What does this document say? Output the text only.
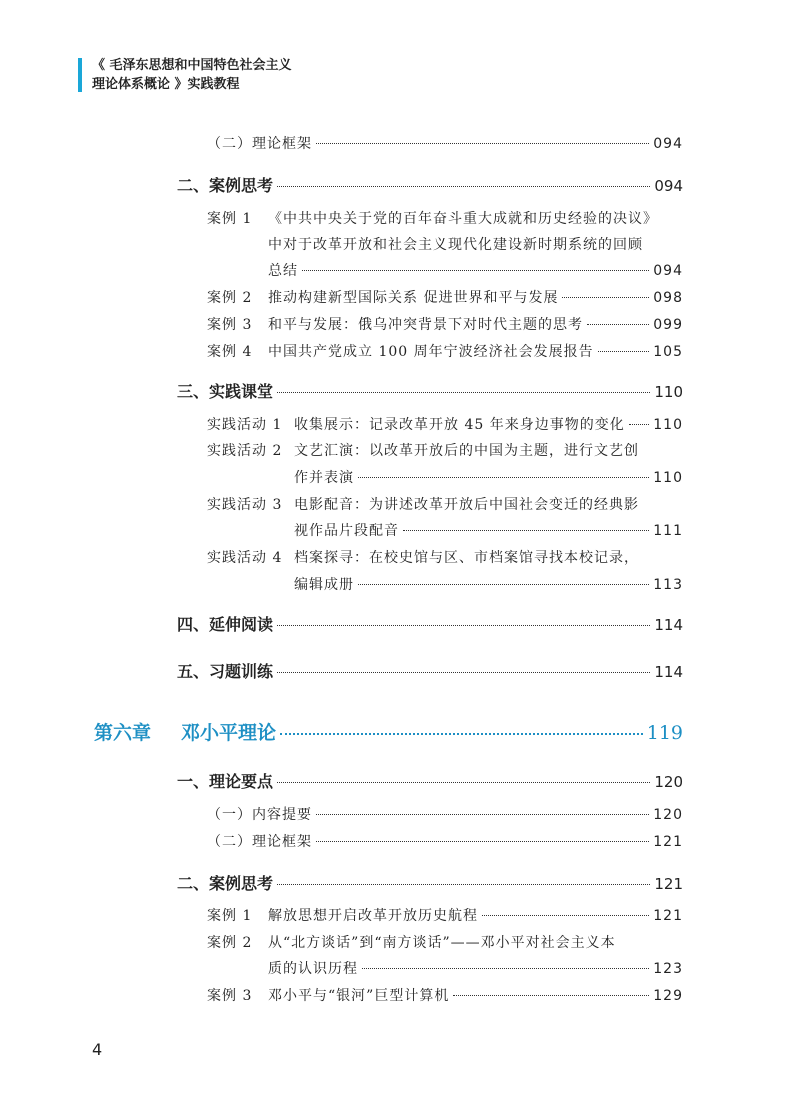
《 毛泽东思想和中国特色社会主义
理论体系概论 》实践教程
（二）理论框架	094
二、案例思考	094
案例 1 《中共中央关于党的百年奋斗重大成就和历史经验的决议》
中对于改革开放和社会主义现代化建设新时期系统的回顾
总结	094
案例 2	推动构建新型国际关系 促进世界和平与发展	098
案例 3	和平与发展：俄乌冲突背景下对时代主题的思考	099
案例 4	中国共产党成立 100 周年宁波经济社会发展报告	105
三、实践课堂	110
实践活动 1 收集展示：记录改革开放 45 年来身边事物的变化 110
实践活动 2 文艺汇演：以改革开放后的中国为主题，进行文艺创
作并表演	110
实践活动 3 电影配音：为讲述改革开放后中国社会变迁的经典影
视作品片段配音	111
实践活动 4 档案探寻：在校史馆与区、市档案馆寻找本校记录，
编辑成册	113
四、延伸阅读	114
五、习题训练	114
第六章	邓小平理论	119
一、理论要点	120
（一）内容提要	120
（二）理论框架	121
二、案例思考	121
案例 1	解放思想开启改革开放历史航程	121
案例 2 从“北方谈话”到“南方谈话”——邓小平对社会主义本
质的认识历程	123
案例 3	邓小平与“银河”巨型计算机	129
4
